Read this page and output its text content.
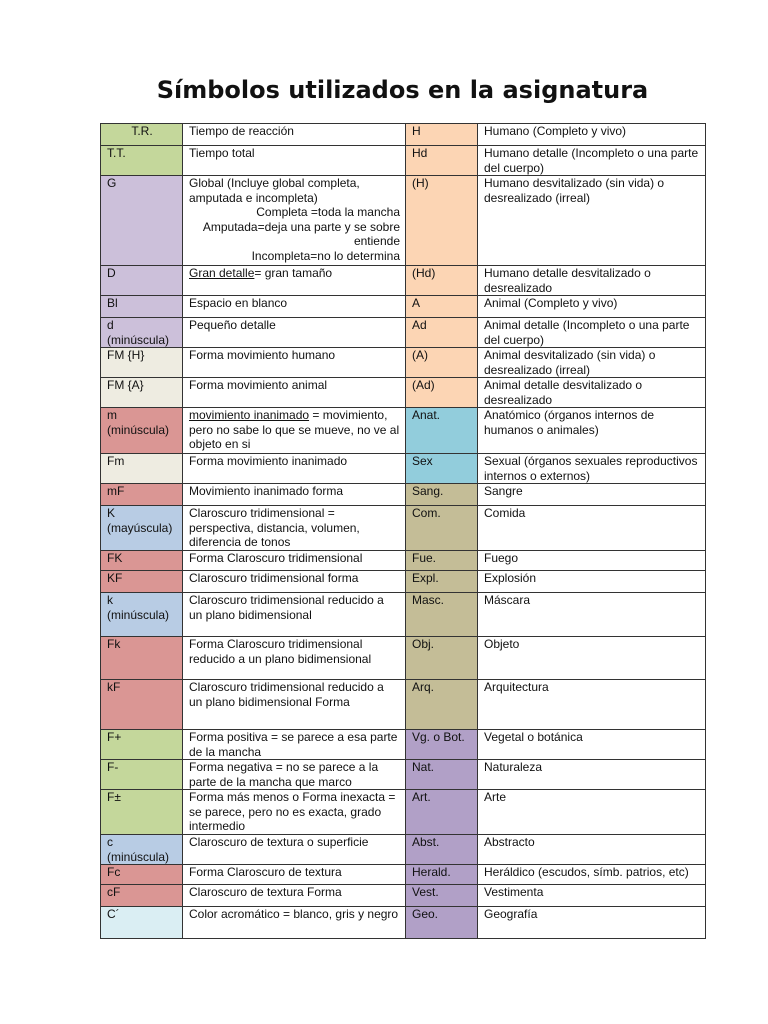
Símbolos utilizados en la asignatura
T.R.	Tiempo de reacción	H	Humano (Completo y vivo)
T.T.	Tiempo total	Hd	Humano detalle (Incompleto o una parte del cuerpo)
G	Global (Incluye global completa, amputada e incompleta)
Completa =toda la mancha
Amputada=deja una parte y se sobre entiende
Incompleta=no lo determina	(H)	Humano desvitalizado (sin vida) o desrealizado (irreal)
D	Gran detalle= gran tamaño	(Hd)	Humano detalle desvitalizado o desrealizado
Bl	Espacio en blanco	A	Animal (Completo y vivo)
d (minúscula)	Pequeño detalle	Ad	Animal detalle (Incompleto o una parte del cuerpo)
FM {H}	Forma movimiento humano	(A)	Animal desvitalizado (sin vida) o desrealizado (irreal)
FM {A}	Forma movimiento animal	(Ad)	Animal detalle desvitalizado o desrealizado
m (minúscula)	movimiento inanimado = movimiento, pero no sabe lo que se mueve, no ve al objeto en si	Anat.	Anatómico (órganos internos de humanos o animales)
Fm	Forma movimiento inanimado	Sex	Sexual (órganos sexuales reproductivos internos o externos)
mF	Movimiento inanimado forma	Sang.	Sangre
K (mayúscula)	Claroscuro tridimensional = perspectiva, distancia, volumen, diferencia de tonos	Com.	Comida
FK	Forma Claroscuro tridimensional	Fue.	Fuego
KF	Claroscuro tridimensional forma	Expl.	Explosión
k (minúscula)	Claroscuro tridimensional reducido a un plano bidimensional	Masc.	Máscara
Fk	Forma Claroscuro tridimensional reducido a un plano bidimensional	Obj.	Objeto
kF	Claroscuro tridimensional reducido a un plano bidimensional Forma	Arq.	Arquitectura
F+	Forma positiva = se parece a esa parte de la mancha	Vg. o Bot.	Vegetal o botánica
F-	Forma negativa = no se parece a la parte de la mancha que marco	Nat.	Naturaleza
F±	Forma más menos o Forma inexacta = se parece, pero no es exacta, grado intermedio	Art.	Arte
c (minúscula)	Claroscuro de textura o superficie	Abst.	Abstracto
Fc	Forma Claroscuro de textura	Herald.	Heráldico (escudos, símb. patrios, etc)
cF	Claroscuro de textura Forma	Vest.	Vestimenta
C´	Color acromático = blanco, gris y negro	Geo.	Geografía
